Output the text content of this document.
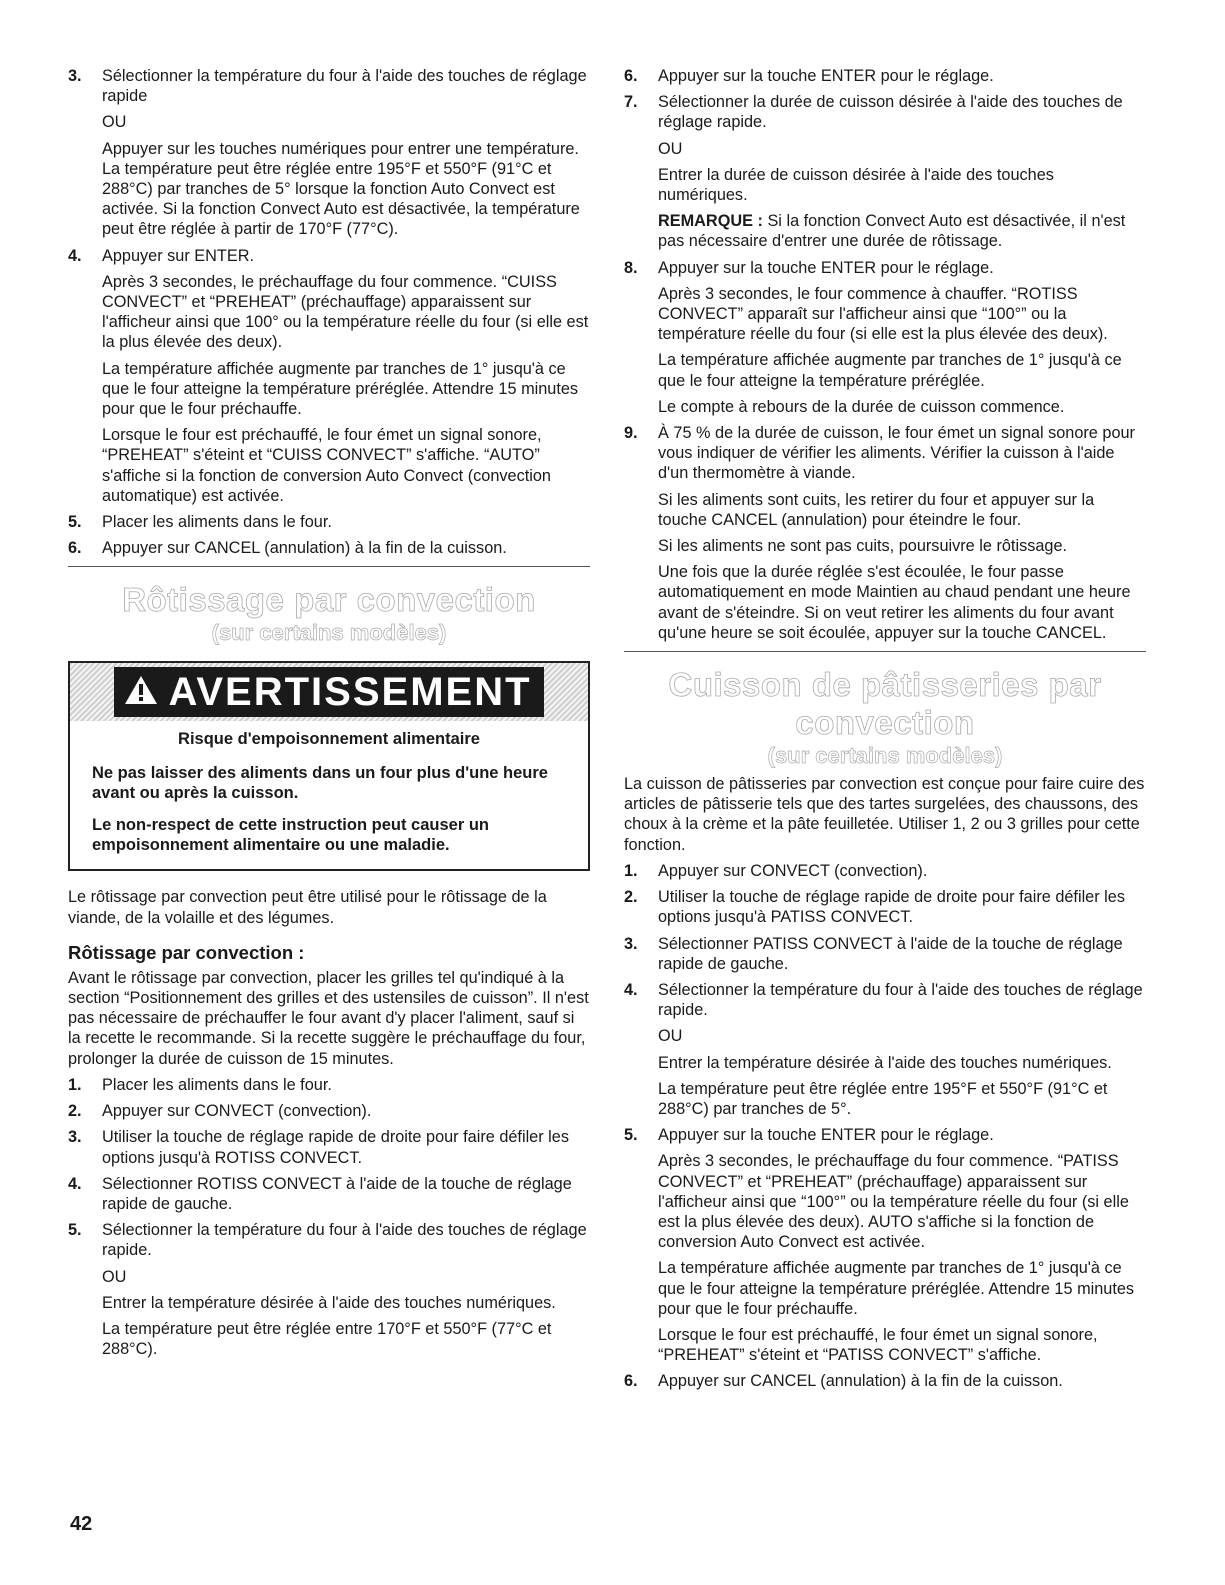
3. Sélectionner la température du four à l'aide des touches de réglage rapide

OU

Appuyer sur les touches numériques pour entrer une température. La température peut être réglée entre 195°F et 550°F (91°C et 288°C) par tranches de 5° lorsque la fonction Auto Convect est activée. Si la fonction Convect Auto est désactivée, la température peut être réglée à partir de 170°F (77°C).

4. Appuyer sur ENTER.

Après 3 secondes, le préchauffage du four commence. “CUISS CONVECT” et “PREHEAT” (préchauffage) apparaissent sur l'afficheur ainsi que 100° ou la température réelle du four (si elle est la plus élevée des deux).

La température affichée augmente par tranches de 1° jusqu'à ce que le four atteigne la température préréglée. Attendre 15 minutes pour que le four préchauffe.

Lorsque le four est préchauffé, le four émet un signal sonore, “PREHEAT” s'éteint et “CUISS CONVECT” s'affiche. “AUTO” s'affiche si la fonction de conversion Auto Convect (convection automatique) est activée.

5. Placer les aliments dans le four.

6. Appuyer sur CANCEL (annulation) à la fin de la cuisson.

Rôtissage par convection
(sur certains modèles)
AVERTISSEMENT

Risque d'empoisonnement alimentaire

Ne pas laisser des aliments dans un four plus d'une heure avant ou après la cuisson.

Le non-respect de cette instruction peut causer un empoisonnement alimentaire ou une maladie.

Le rôtissage par convection peut être utilisé pour le rôtissage de la viande, de la volaille et des légumes.

Rôtissage par convection :

Avant le rôtissage par convection, placer les grilles tel qu'indiqué à la section “Positionnement des grilles et des ustensiles de cuisson”. Il n'est pas nécessaire de préchauffer le four avant d'y placer l'aliment, sauf si la recette le recommande. Si la recette suggère le préchauffage du four, prolonger la durée de cuisson de 15 minutes.

1. Placer les aliments dans le four.

2. Appuyer sur CONVECT (convection).

3. Utiliser la touche de réglage rapide de droite pour faire défiler les options jusqu'à ROTISS CONVECT.

4. Sélectionner ROTISS CONVECT à l'aide de la touche de réglage rapide de gauche.

5. Sélectionner la température du four à l'aide des touches de réglage rapide.

OU

Entrer la température désirée à l'aide des touches numériques.

La température peut être réglée entre 170°F et 550°F (77°C et 288°C).

6. Appuyer sur la touche ENTER pour le réglage.

7. Sélectionner la durée de cuisson désirée à l'aide des touches de réglage rapide.

OU

Entrer la durée de cuisson désirée à l'aide des touches numériques.

REMARQUE : Si la fonction Convect Auto est désactivée, il n'est pas nécessaire d'entrer une durée de rôtissage.

8. Appuyer sur la touche ENTER pour le réglage.

Après 3 secondes, le four commence à chauffer. “ROTISS CONVECT” apparaît sur l'afficheur ainsi que “100°” ou la température réelle du four (si elle est la plus élevée des deux).

La température affichée augmente par tranches de 1° jusqu'à ce que le four atteigne la température préréglée.

Le compte à rebours de la durée de cuisson commence.

9. À 75 % de la durée de cuisson, le four émet un signal sonore pour vous indiquer de vérifier les aliments. Vérifier la cuisson à l'aide d'un thermomètre à viande.

Si les aliments sont cuits, les retirer du four et appuyer sur la touche CANCEL (annulation) pour éteindre le four.

Si les aliments ne sont pas cuits, poursuivre le rôtissage.

Une fois que la durée réglée s'est écoulée, le four passe automatiquement en mode Maintien au chaud pendant une heure avant de s'éteindre. Si on veut retirer les aliments du four avant qu'une heure se soit écoulée, appuyer sur la touche CANCEL.

Cuisson de pâtisseries par convection
(sur certains modèles)

La cuisson de pâtisseries par convection est conçue pour faire cuire des articles de pâtisserie tels que des tartes surgelées, des chaussons, des choux à la crème et la pâte feuilletée. Utiliser 1, 2 ou 3 grilles pour cette fonction.

1. Appuyer sur CONVECT (convection).

2. Utiliser la touche de réglage rapide de droite pour faire défiler les options jusqu'à PATISS CONVECT.

3. Sélectionner PATISS CONVECT à l'aide de la touche de réglage rapide de gauche.

4. Sélectionner la température du four à l'aide des touches de réglage rapide.

OU

Entrer la température désirée à l'aide des touches numériques.

La température peut être réglée entre 195°F et 550°F (91°C et 288°C) par tranches de 5°.

5. Appuyer sur la touche ENTER pour le réglage.

Après 3 secondes, le préchauffage du four commence. “PATISS CONVECT” et “PREHEAT” (préchauffage) apparaissent sur l'afficheur ainsi que “100°” ou la température réelle du four (si elle est la plus élevée des deux). AUTO s'affiche si la fonction de conversion Auto Convect est activée.

La température affichée augmente par tranches de 1° jusqu'à ce que le four atteigne la température préréglée. Attendre 15 minutes pour que le four préchauffe.

Lorsque le four est préchauffé, le four émet un signal sonore, “PREHEAT” s'éteint et “PATISS CONVECT” s'affiche.

6. Appuyer sur CANCEL (annulation) à la fin de la cuisson.

42
